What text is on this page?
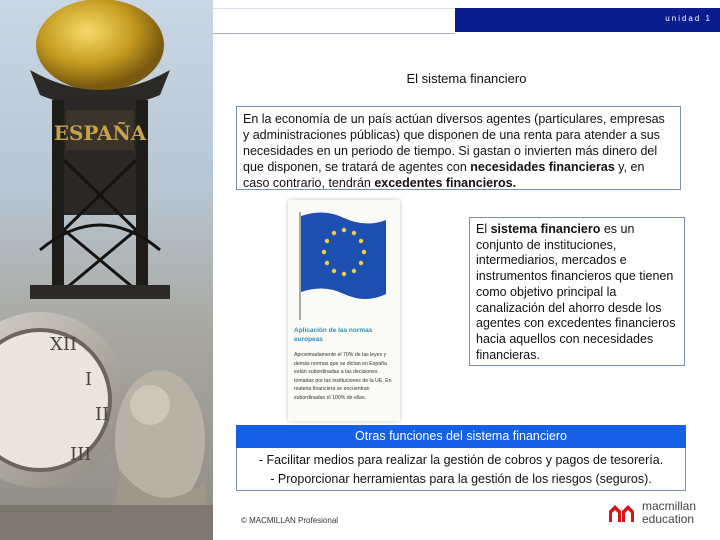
ESPAÑA
XII
I
II
III
unidad 1
El sistema financiero
En la economía de un país actúan diversos agentes (particulares, empresas y administraciones públicas) que disponen de una renta para atender a sus necesidades en un periodo de tiempo. Si gastan o invierten más dinero del que disponen, se tratará de agentes con necesidades financieras y, en caso contrario, tendrán excedentes financieros.
Aplicación de las normas europeas
Aproximadamente el 70% de las leyes y demás normas que se dictan en España están subordinadas a las decisiones tomadas por las instituciones de la UE. En materia financiera se encuentran subordinadas el 100% de ellas.
El sistema financiero es un conjunto de instituciones, intermediarios, mercados e instrumentos financieros que tienen como objetivo principal la canalización del ahorro desde los agentes con excedentes financieros hacia aquellos con necesidades financieras.
Otras funciones del sistema financiero
- Facilitar medios para realizar la gestión de cobros y pagos de tesorería.
- Proporcionar herramientas para la gestión de los riesgos (seguros).
© MACMILLAN Profesional
macmillan
education
